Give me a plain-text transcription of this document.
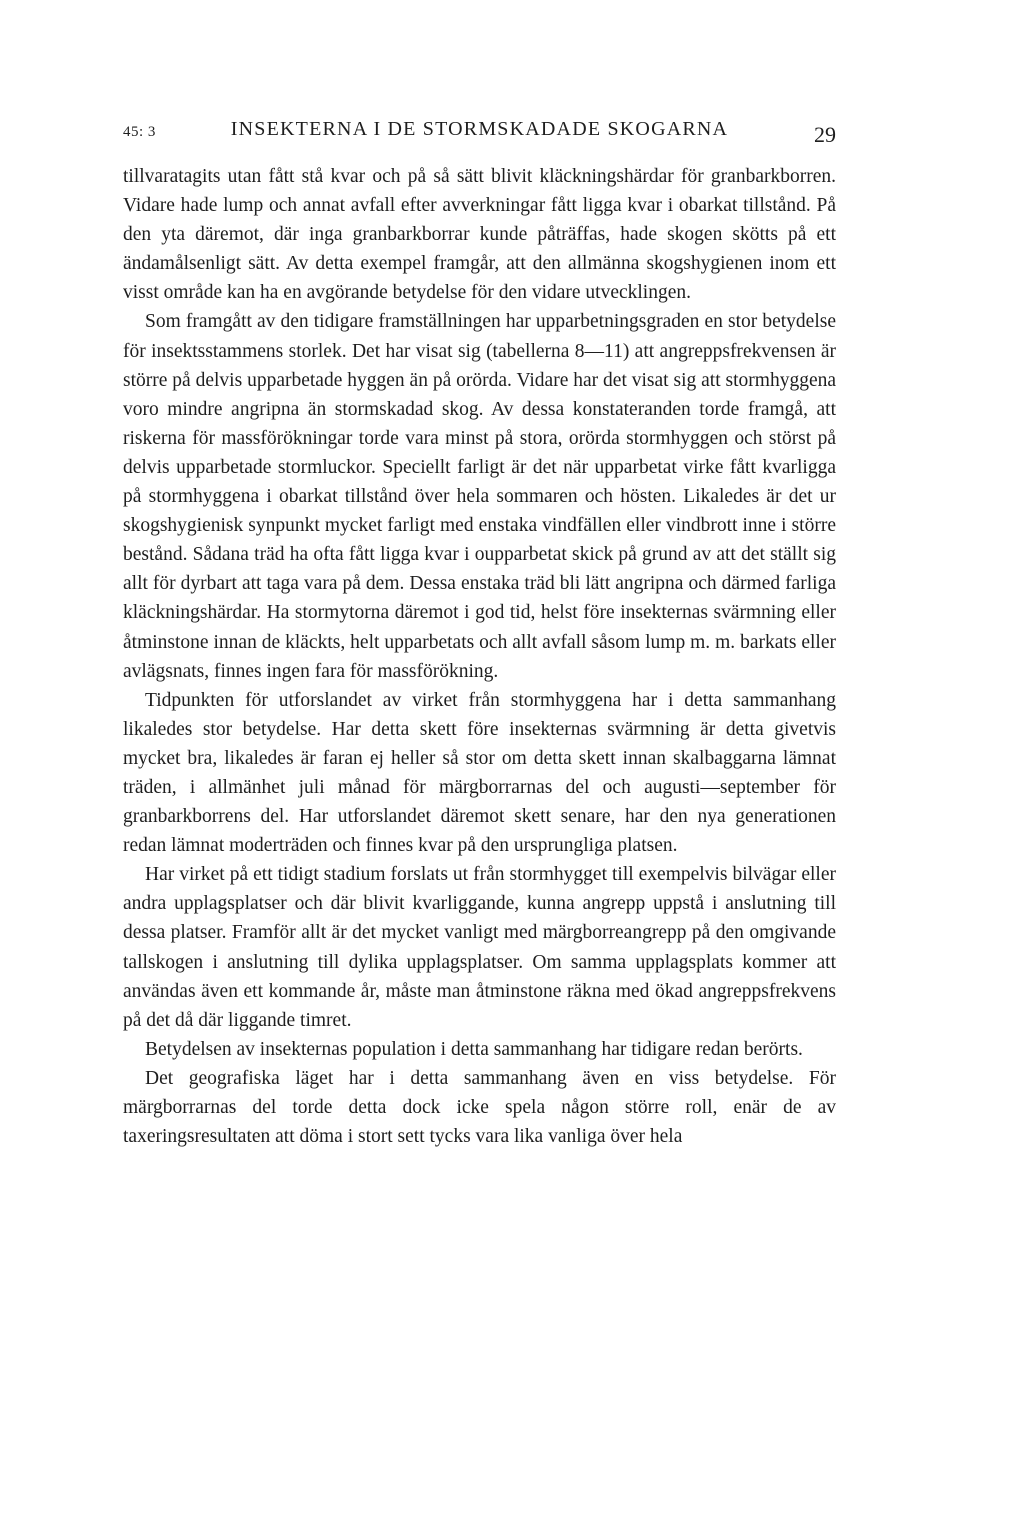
45: 3	INSEKTERNA I DE STORMSKADADE SKOGARNA	29

tillvaratagits utan fått stå kvar och på så sätt blivit kläckningshärdar för granbarkborren. Vidare hade lump och annat avfall efter avverkningar fått ligga kvar i obarkat tillstånd. På den yta däremot, där inga granbarkborrar kunde påträffas, hade skogen skötts på ett ändamålsenligt sätt. Av detta exempel framgår, att den allmänna skogshygienen inom ett visst område kan ha en avgörande betydelse för den vidare utvecklingen.

Som framgått av den tidigare framställningen har upparbetningsgraden en stor betydelse för insektsstammens storlek. Det har visat sig (tabellerna 8—11) att angreppsfrekvensen är större på delvis upparbetade hyggen än på orörda. Vidare har det visat sig att stormhyggena voro mindre angripna än stormskadad skog. Av dessa konstateranden torde framgå, att riskerna för massförökningar torde vara minst på stora, orörda stormhyggen och störst på delvis upparbetade stormluckor. Speciellt farligt är det när upparbetat virke fått kvarligga på stormhyggena i obarkat tillstånd över hela sommaren och hösten. Likaledes är det ur skogshygienisk synpunkt mycket farligt med enstaka vindfällen eller vindbrott inne i större bestånd. Sådana träd ha ofta fått ligga kvar i oupparbetat skick på grund av att det ställt sig allt för dyrbart att taga vara på dem. Dessa enstaka träd bli lätt angripna och därmed farliga kläckningshärdar. Ha stormytorna däremot i god tid, helst före insekternas svärmning eller åtminstone innan de kläckts, helt upparbetats och allt avfall såsom lump m. m. barkats eller avlägsnats, finnes ingen fara för massförökning.

Tidpunkten för utforslandet av virket från stormhyggena har i detta sammanhang likaledes stor betydelse. Har detta skett före insekternas svärmning är detta givetvis mycket bra, likaledes är faran ej heller så stor om detta skett innan skalbaggarna lämnat träden, i allmänhet juli månad för märgborrarnas del och augusti—september för granbarkborrens del. Har utforslandet däremot skett senare, har den nya generationen redan lämnat moderträden och finnes kvar på den ursprungliga platsen.

Har virket på ett tidigt stadium forslats ut från stormhygget till exempelvis bilvägar eller andra upplagsplatser och där blivit kvarliggande, kunna angrepp uppstå i anslutning till dessa platser. Framför allt är det mycket vanligt med märgborreangrepp på den omgivande tallskogen i anslutning till dylika upplagsplatser. Om samma upplagsplats kommer att användas även ett kommande år, måste man åtminstone räkna med ökad angreppsfrekvens på det då där liggande timret.

Betydelsen av insekternas population i detta sammanhang har tidigare redan berörts.

Det geografiska läget har i detta sammanhang även en viss betydelse. För märgborrarnas del torde detta dock icke spela någon större roll, enär de av taxeringsresultaten att döma i stort sett tycks vara lika vanliga över hela
